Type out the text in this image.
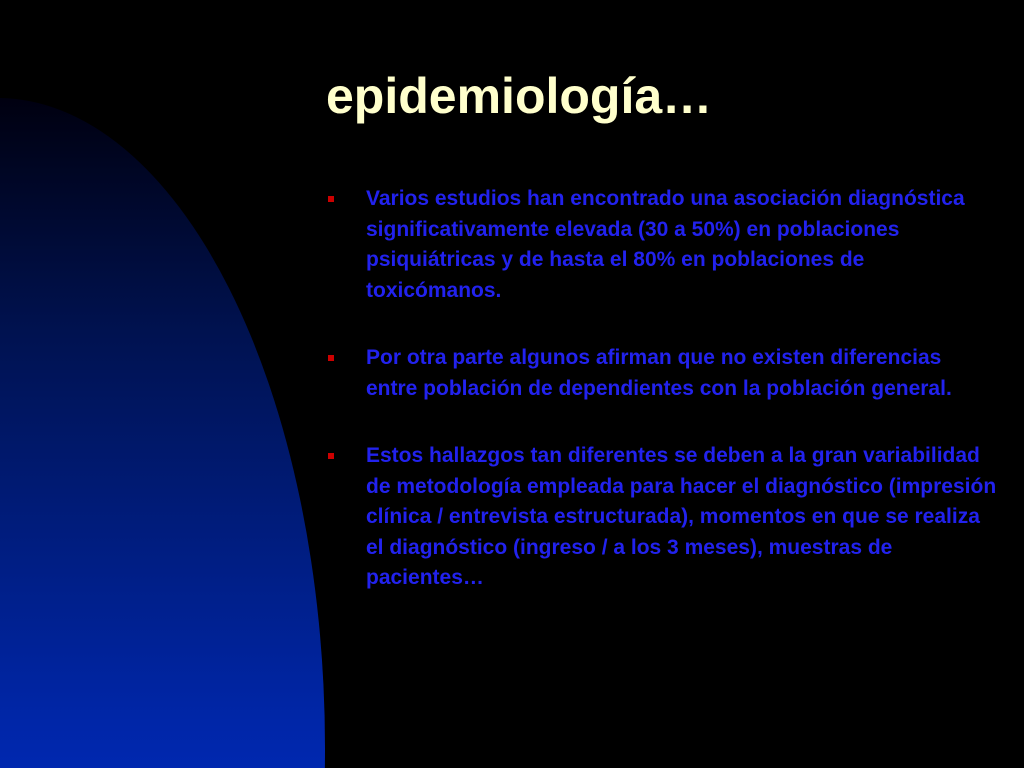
epidemiología…
Varios estudios han encontrado una asociación diagnóstica significativamente elevada (30 a 50%) en poblaciones psiquiátricas y de hasta el 80% en poblaciones de toxicómanos.
Por otra parte algunos afirman que no existen diferencias entre población de dependientes con la población general.
Estos hallazgos tan diferentes se deben a la gran variabilidad de metodología empleada para hacer el diagnóstico (impresión clínica / entrevista estructurada), momentos en que se realiza el diagnóstico (ingreso / a los 3 meses), muestras de pacientes…
